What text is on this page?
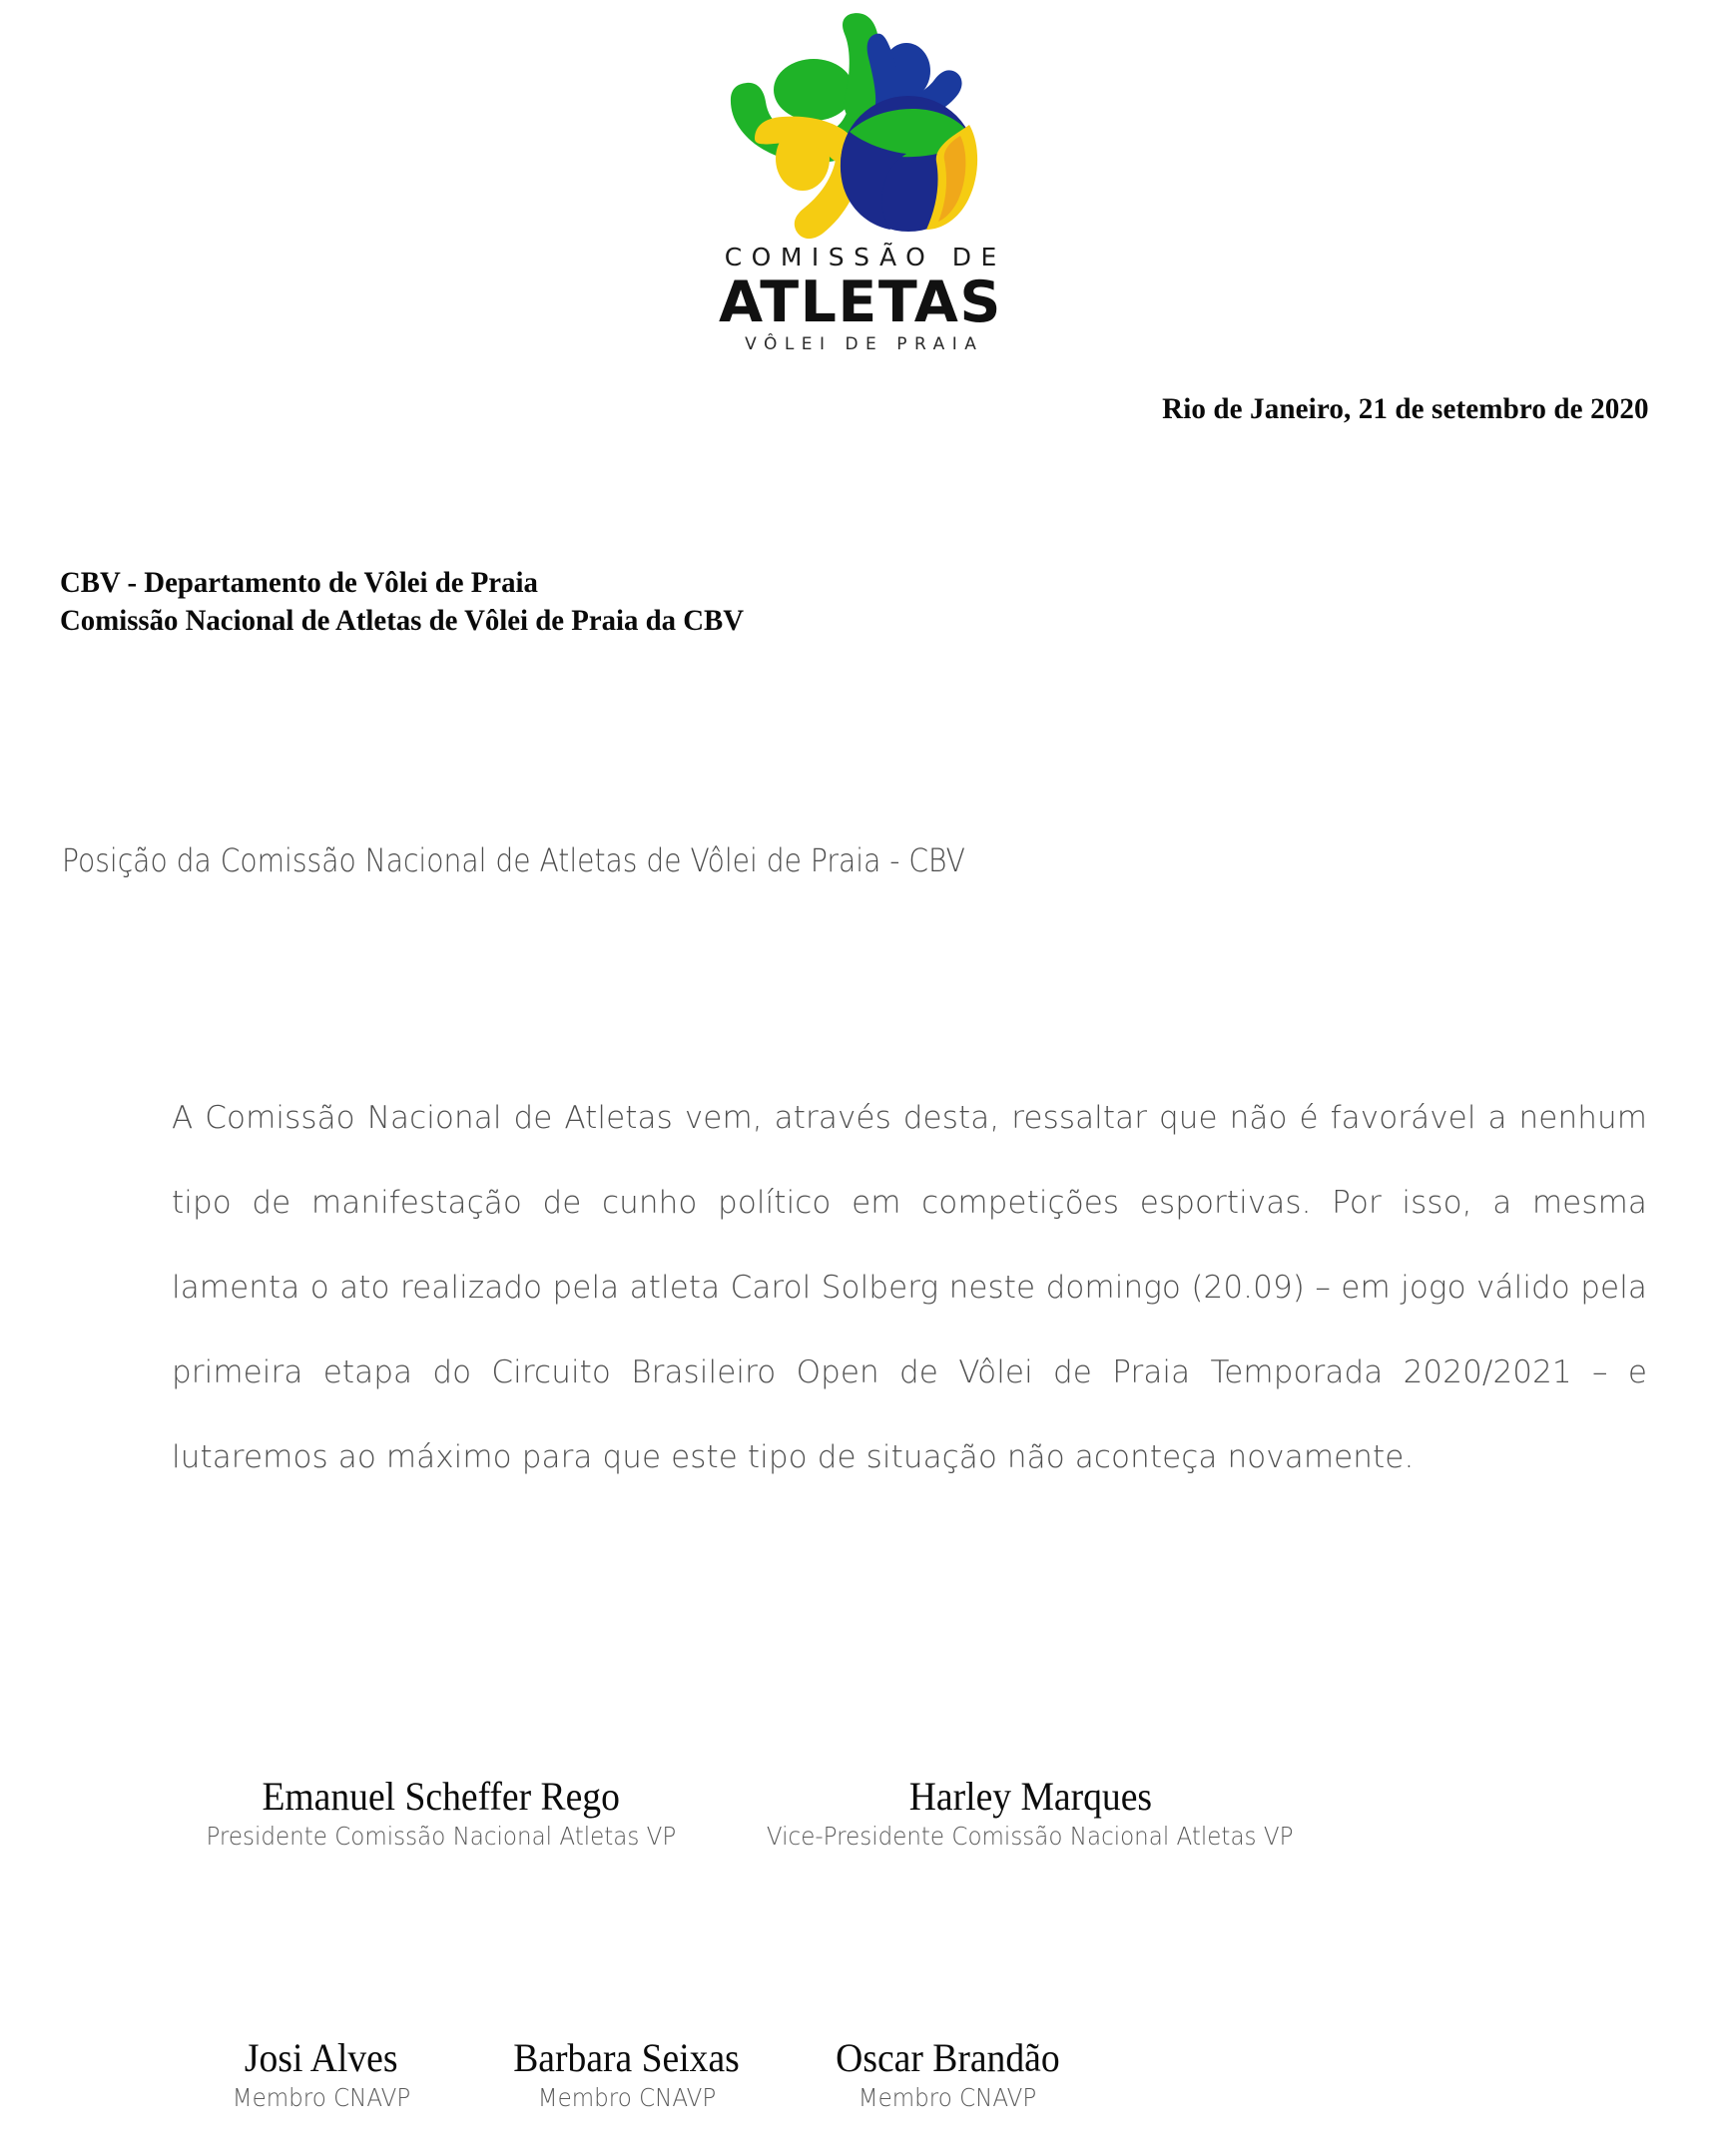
COMISSÃO DE
ATLETAS
VÔLEI DE PRAIA
Rio de Janeiro, 21 de setembro de 2020
CBV - Departamento de Vôlei de Praia
Comissão Nacional de Atletas de Vôlei de Praia da CBV
Posição da Comissão Nacional de Atletas de Vôlei de Praia - CBV

A Comissão Nacional de Atletas vem, através desta, ressaltar que não é favorável a nenhum tipo de manifestação de cunho político em competições esportivas. Por isso, a mesma lamenta o ato realizado pela atleta Carol Solberg neste domingo (20.09) – em jogo válido pela primeira etapa do Circuito Brasileiro Open de Vôlei de Praia Temporada 2020/2021 – e lutaremos ao máximo para que este tipo de situação não aconteça novamente.

Emanuel Scheffer Rego
Presidente Comissão Nacional Atletas VP
Harley Marques
Vice-Presidente Comissão Nacional Atletas VP
Josi Alves
Membro CNAVP
Barbara Seixas
Membro CNAVP
Oscar Brandão
Membro CNAVP
